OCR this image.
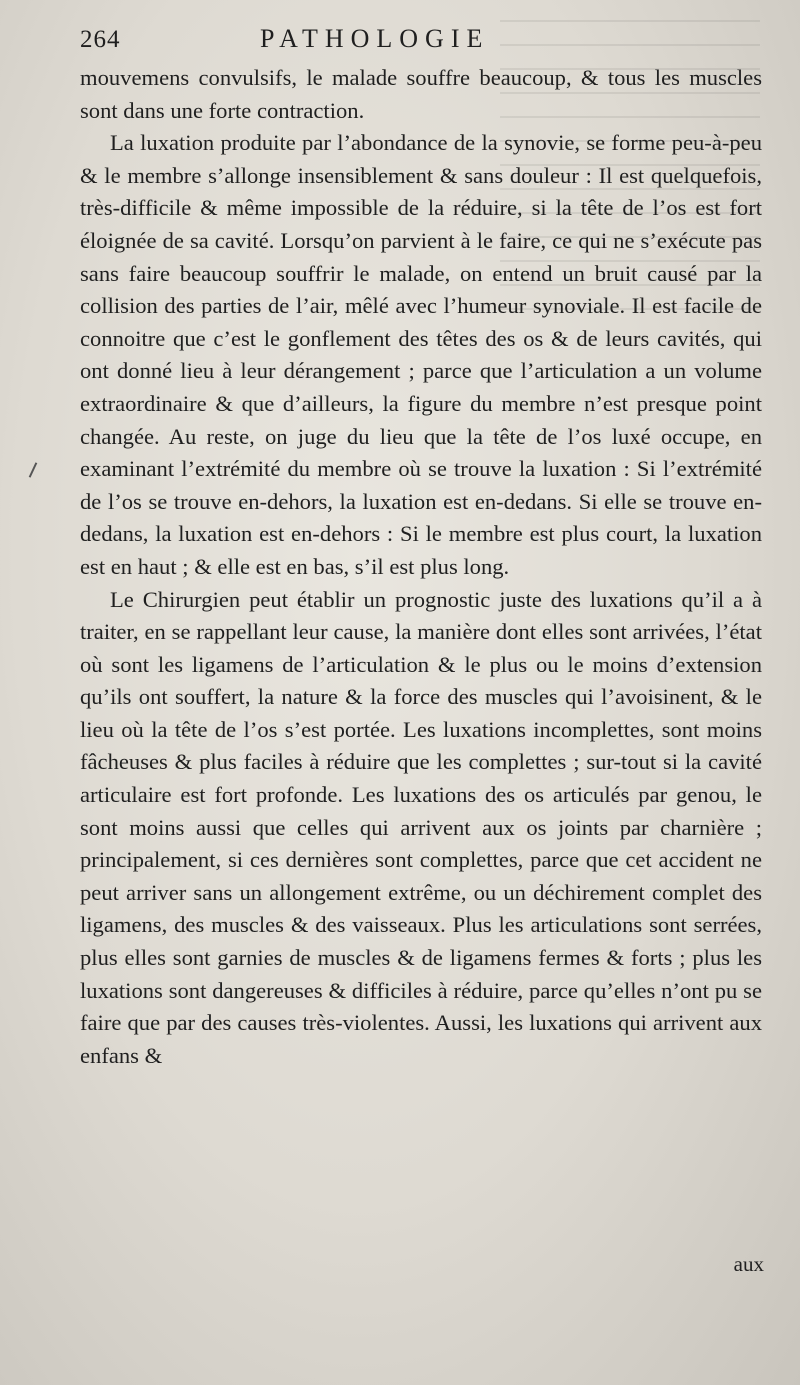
264	PATHOLOGIE

mouvemens convulsifs, le malade souffre beaucoup, & tous les muscles sont dans une forte contraction.

La luxation produite par l’abondance de la synovie, se forme peu-à-peu & le membre s’allonge insensiblement & sans douleur : Il est quelquefois, très-difficile & même impossible de la réduire, si la tête de l’os est fort éloignée de sa cavité. Lorsqu’on parvient à le faire, ce qui ne s’exécute pas sans faire beaucoup souffrir le malade, on entend un bruit causé par la collision des parties de l’air, mêlé avec l’humeur synoviale. Il est facile de connoitre que c’est le gonflement des têtes des os & de leurs cavités, qui ont donné lieu à leur dérangement ; parce que l’articulation a un volume extraordinaire & que d’ailleurs, la figure du membre n’est presque point changée. Au reste, on juge du lieu que la tête de l’os luxé occupe, en examinant l’extrémité du membre où se trouve la luxation : Si l’extrémité de l’os se trouve en-dehors, la luxation est en-dedans. Si elle se trouve en-dedans, la luxation est en-dehors : Si le membre est plus court, la luxation est en haut ; & elle est en bas, s’il est plus long.

Le Chirurgien peut établir un prognostic juste des luxations qu’il a à traiter, en se rappellant leur cause, la manière dont elles sont arrivées, l’état où sont les ligamens de l’articulation & le plus ou le moins d’extension qu’ils ont souffert, la nature & la force des muscles qui l’avoisinent, & le lieu où la tête de l’os s’est portée. Les luxations incomplettes, sont moins fâcheuses & plus faciles à réduire que les complettes ; sur-tout si la cavité articulaire est fort profonde. Les luxations des os articulés par genou, le sont moins aussi que celles qui arrivent aux os joints par charnière ; principalement, si ces dernières sont complettes, parce que cet accident ne peut arriver sans un allongement extrême, ou un déchirement complet des ligamens, des muscles & des vaisseaux. Plus les articulations sont serrées, plus elles sont garnies de muscles & de ligamens fermes & forts ; plus les luxations sont dangereuses & difficiles à réduire, parce qu’elles n’ont pu se faire que par des causes très-violentes. Aussi, les luxations qui arrivent aux enfans &

aux
